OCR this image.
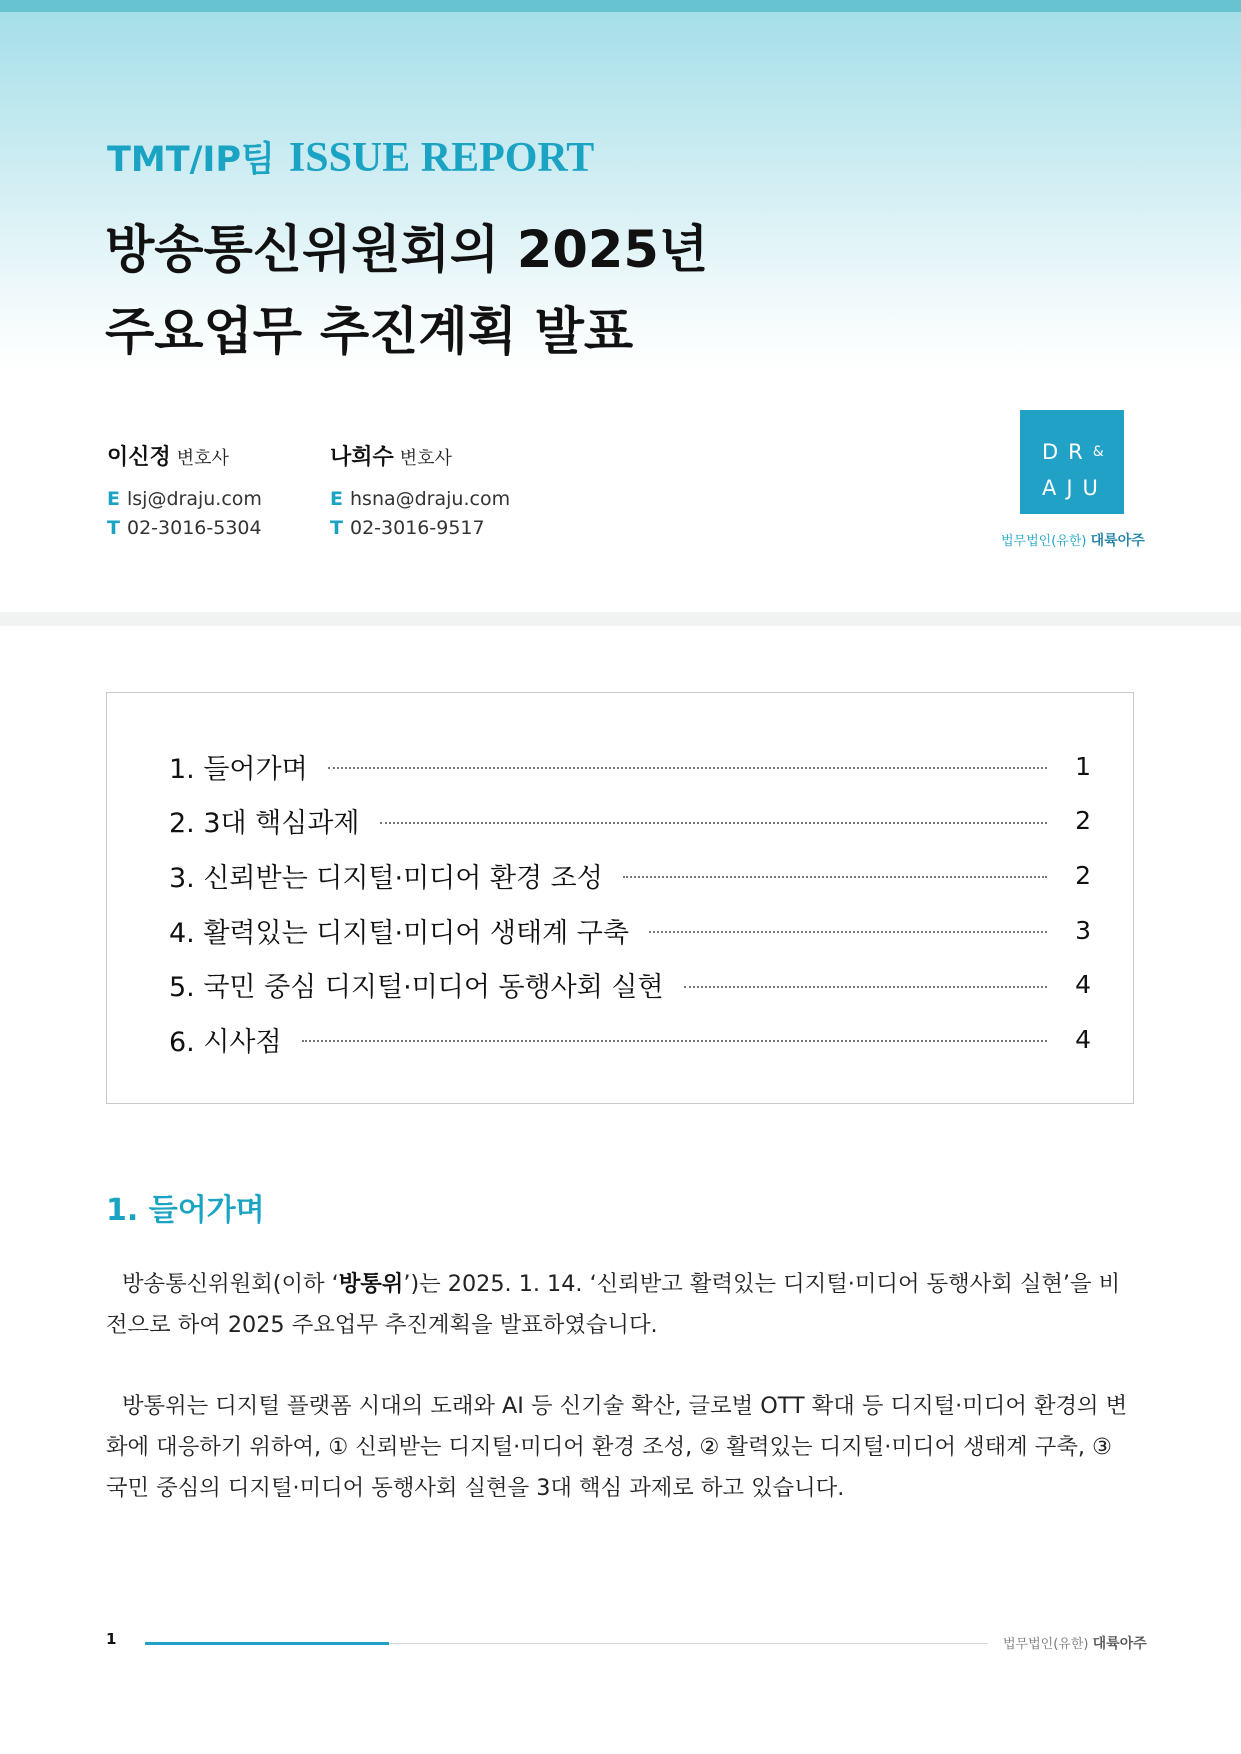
TMT/IP팀 ISSUE REPORT
방송통신위원회의 2025년
주요업무 추진계획 발표
이신정 변호사
E lsj@draju.com
T 02-3016-5304
나희수 변호사
E hsna@draju.com
T 02-3016-9517
DR&
AJU
법무법인(유한) 대륙아주
1. 들어가며	1
2. 3대 핵심과제	2
3. 신뢰받는 디지털·미디어 환경 조성	2
4. 활력있는 디지털·미디어 생태계 구축	3
5. 국민 중심 디지털·미디어 동행사회 실현	4
6. 시사점	4
1. 들어가며

방송통신위원회(이하 ‘방통위’)는 2025. 1. 14. ‘신뢰받고 활력있는 디지털·미디어 동행사회 실현’을 비전으로 하여 2025 주요업무 추진계획을 발표하였습니다.

방통위는 디지털 플랫폼 시대의 도래와 AI 등 신기술 확산, 글로벌 OTT 확대 등 디지털·미디어 환경의 변화에 대응하기 위하여, ① 신뢰받는 디지털·미디어 환경 조성, ② 활력있는 디지털·미디어 생태계 구축, ③ 국민 중심의 디지털·미디어 동행사회 실현을 3대 핵심 과제로 하고 있습니다.

1	법무법인(유한) 대륙아주
